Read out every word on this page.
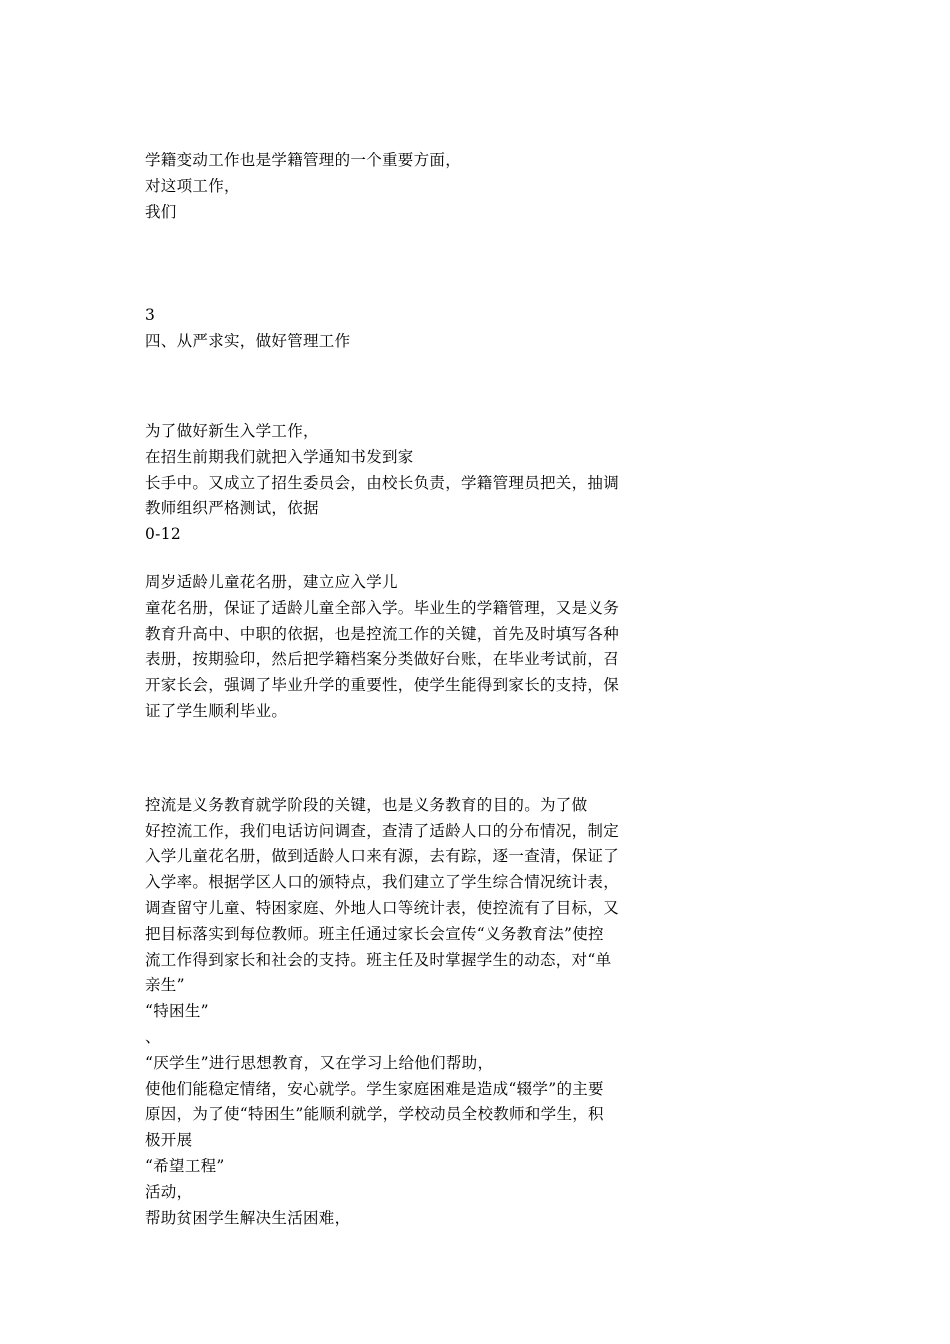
学籍变动工作也是学籍管理的一个重要方面，
对这项工作，
我们
3
四、从严求实，做好管理工作
为了做好新生入学工作，
在招生前期我们就把入学通知书发到家
长手中。又成立了招生委员会，由校长负责，学籍管理员把关，抽调
教师组织严格测试，依据
0-12
周岁适龄儿童花名册，建立应入学儿
童花名册，保证了适龄儿童全部入学。毕业生的学籍管理，又是义务
教育升高中、中职的依据，也是控流工作的关键，首先及时填写各种
表册，按期验印，然后把学籍档案分类做好台账，在毕业考试前，召
开家长会，强调了毕业升学的重要性，使学生能得到家长的支持，保
证了学生顺利毕业。
控流是义务教育就学阶段的关键，也是义务教育的目的。为了做
好控流工作，我们电话访问调查，查清了适龄人口的分布情况，制定
入学儿童花名册，做到适龄人口来有源，去有踪，逐一查清，保证了
入学率。根据学区人口的颁特点，我们建立了学生综合情况统计表，
调查留守儿童、特困家庭、外地人口等统计表，使控流有了目标，又
把目标落实到每位教师。班主任通过家长会宣传“义务教育法”使控
流工作得到家长和社会的支持。班主任及时掌握学生的动态，对“单
亲生”
“特困生”
、
“厌学生”进行思想教育，又在学习上给他们帮助，
使他们能稳定情绪，安心就学。学生家庭困难是造成“辍学”的主要
原因，为了使“特困生”能顺利就学，学校动员全校教师和学生，积
极开展
“希望工程”
活动，
帮助贫困学生解决生活困难，
